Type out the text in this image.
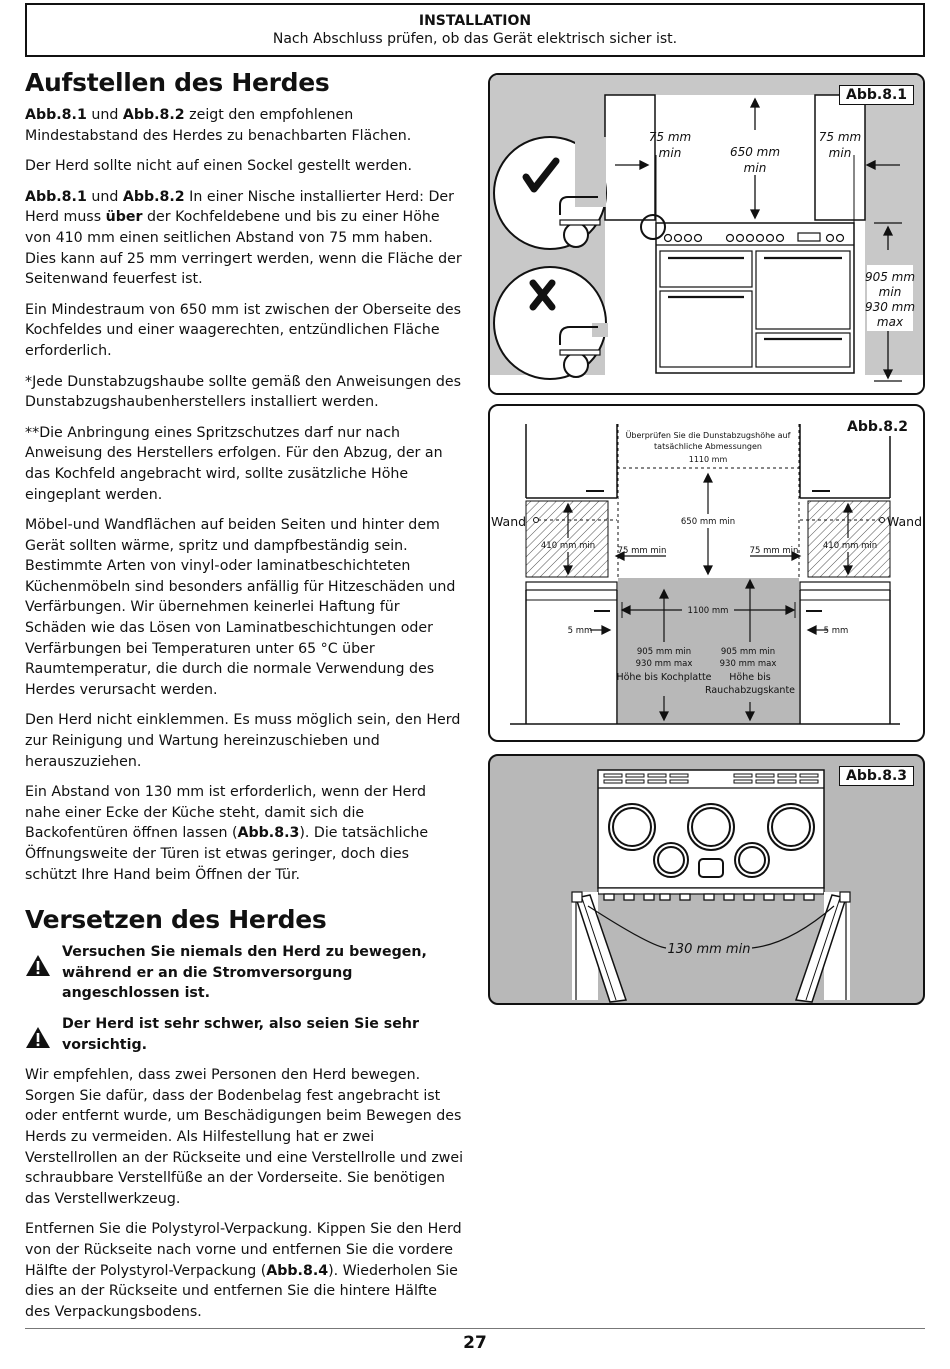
INSTALLATION
Nach Abschluss prüfen, ob das Gerät elektrisch sicher ist.
Aufstellen des Herdes

Abb.8.1 und Abb.8.2 zeigt den empfohlenen Mindestabstand des Herdes zu benachbarten Flächen.

Der Herd sollte nicht auf einen Sockel gestellt werden.

Abb.8.1 und Abb.8.2 In einer Nische installierter Herd: Der Herd muss über der Kochfeldebene und bis zu einer Höhe von 410 mm einen seitlichen Abstand von 75 mm haben. Dies kann auf 25 mm verringert werden, wenn die Fläche der Seitenwand feuerfest ist.

Ein Mindestraum von 650 mm ist zwischen der Oberseite des Kochfeldes und einer waagerechten, entzündlichen Fläche erforderlich.

*Jede Dunstabzugshaube sollte gemäß den Anweisungen des Dunstabzugshaubenherstellers installiert werden.

**Die Anbringung eines Spritzschutzes darf nur nach Anweisung des Herstellers erfolgen. Für den Abzug, der an das Kochfeld angebracht wird, sollte zusätzliche Höhe eingeplant werden.

Möbel-und Wandflächen auf beiden Seiten und hinter dem Gerät sollten wärme, spritz und dampfbeständig sein. Bestimmte Arten von vinyl-oder laminatbeschichteten Küchenmöbeln sind besonders anfällig für Hitzeschäden und Verfärbungen. Wir übernehmen keinerlei Haftung für Schäden wie das Lösen von Laminatbeschichtungen oder Verfärbungen bei Temperaturen unter 65 °C über Raumtemperatur, die durch die normale Verwendung des Herdes verursacht werden.

Den Herd nicht einklemmen. Es muss möglich sein, den Herd zur Reinigung und Wartung hereinzuschieben und herauszuziehen.

Ein Abstand von 130 mm ist erforderlich, wenn der Herd nahe einer Ecke der Küche steht, damit sich die Backofentüren öffnen lassen (Abb.8.3). Die tatsächliche Öffnungsweite der Türen ist etwas geringer, doch dies schützt Ihre Hand beim Öffnen der Tür.

Versetzen des Herdes
Versuchen Sie niemals den Herd zu bewegen, während er an die Stromversorgung angeschlossen ist.
Der Herd ist sehr schwer, also seien Sie sehr vorsichtig.

Wir empfehlen, dass zwei Personen den Herd bewegen. Sorgen Sie dafür, dass der Bodenbelag fest angebracht ist oder entfernt wurde, um Beschädigungen beim Bewegen des Herds zu vermeiden. Als Hilfestellung hat er zwei Verstellrollen an der Rückseite und eine Verstellrolle und zwei schraubbare Verstellfüße an der Vorderseite. Sie benötigen das Verstellwerkzeug.

Entfernen Sie die Polystyrol-Verpackung. Kippen Sie den Herd von der Rückseite nach vorne und entfernen Sie die vordere Hälfte der Polystyrol-Verpackung (Abb.8.4). Wiederholen Sie dies an der Rückseite und entfernen Sie die hintere Hälfte des Verpackungsbodens.

75 mm
min	650 mm
min
75 mm
min
905 mm
min
930 mm
max
Abb.8.1
Überprüfen Sie die Dunstabzugshöhe auf
tatsächliche Abmessungen
1110 mm
650 mm min
410 mm min	410 mm min
75 mm min	75 mm min
1100 mm
5 mm	5 mm
905 mm min
930 mm max
Höhe bis Kochplatte
905 mm min
930 mm max
Höhe bis
Rauchabzugskante
Wand	Wand
Abb.8.2
130 mm min
Abb.8.3
27
